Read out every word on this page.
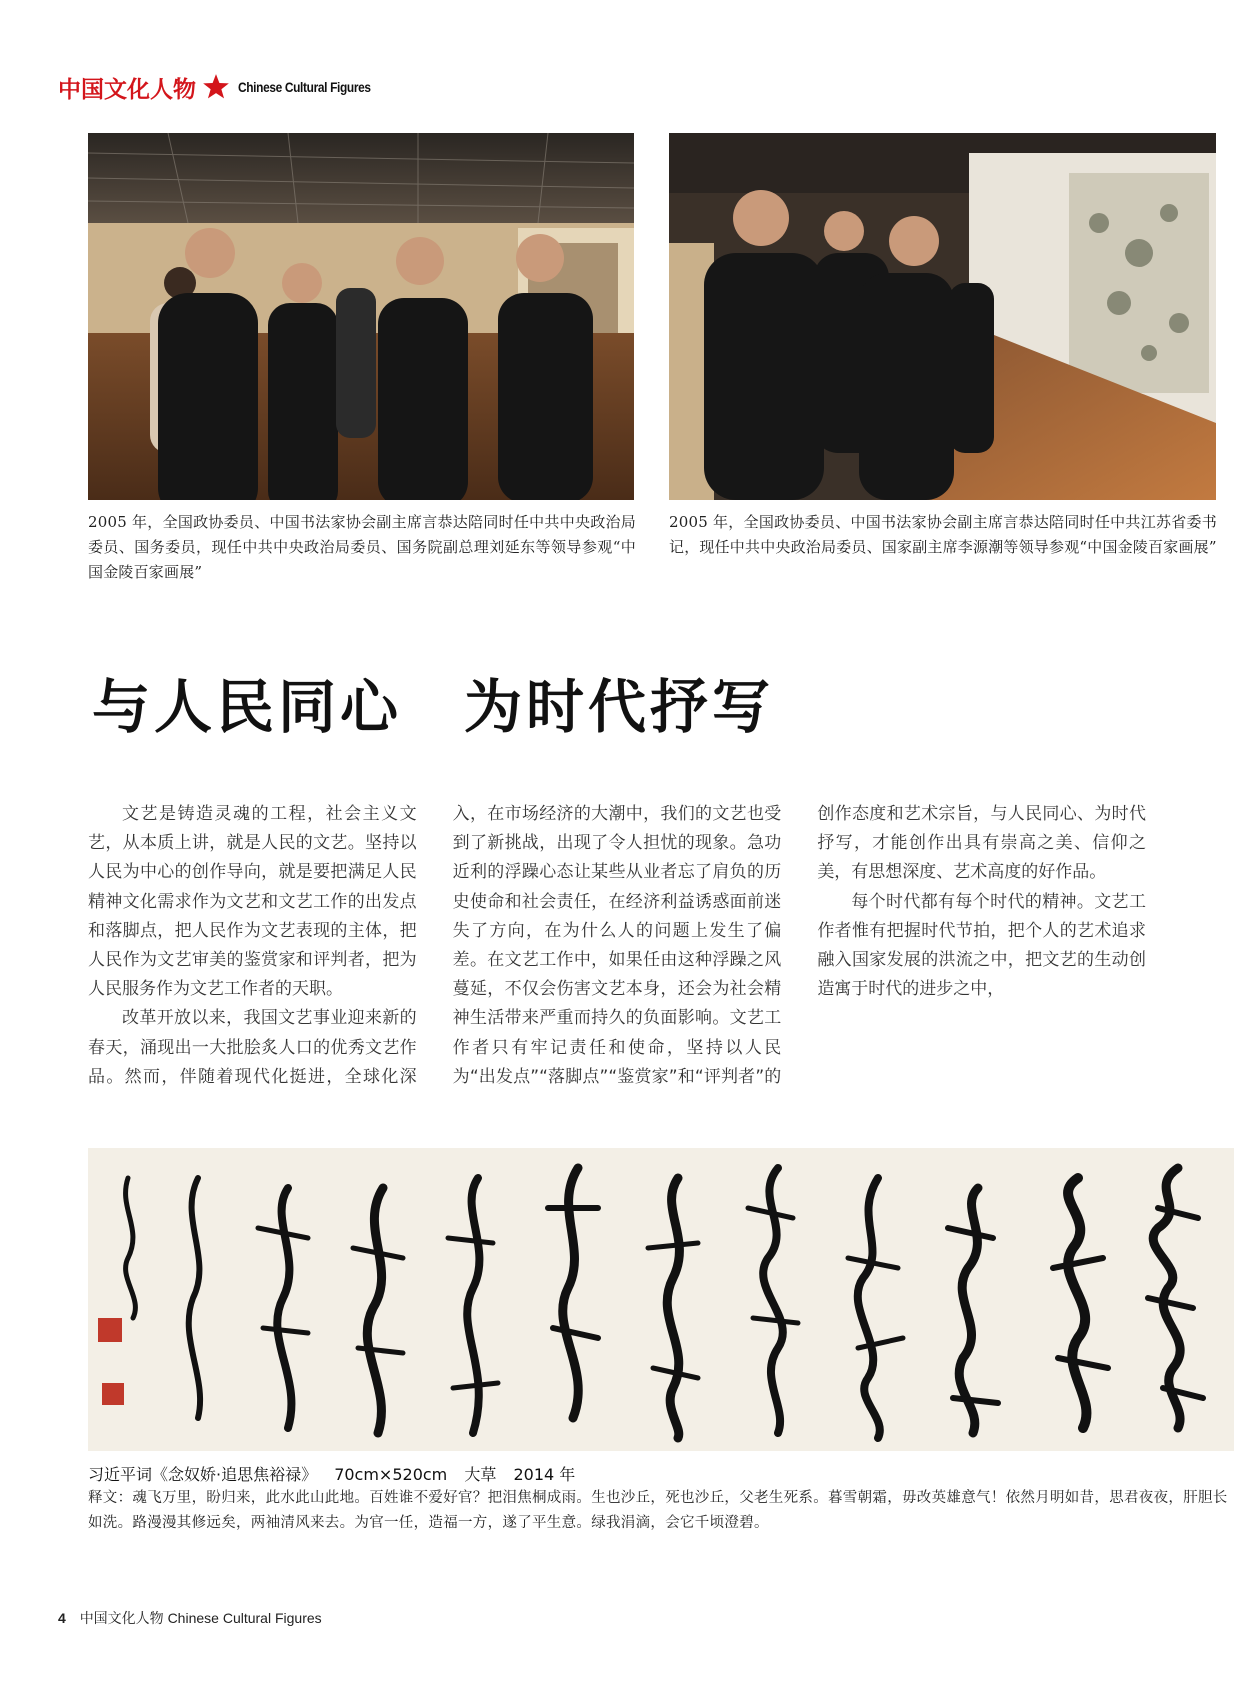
中国文化人物	Chinese Cultural Figures
2005 年，全国政协委员、中国书法家协会副主席言恭达陪同时任中共中央政治局委员、国务委员，现任中共中央政治局委员、国务院副总理刘延东等领导参观“中国金陵百家画展”
2005 年，全国政协委员、中国书法家协会副主席言恭达陪同时任中共江苏省委书记，现任中共中央政治局委员、国家副主席李源潮等领导参观“中国金陵百家画展”
与人民同心　为时代抒写

文艺是铸造灵魂的工程，社会主义文艺，从本质上讲，就是人民的文艺。坚持以人民为中心的创作导向，就是要把满足人民精神文化需求作为文艺和文艺工作的出发点和落脚点，把人民作为文艺表现的主体，把人民作为文艺审美的鉴赏家和评判者，把为人民服务作为文艺工作者的天职。

改革开放以来，我国文艺事业迎来新的春天，涌现出一大批脍炙人口的优秀文艺作品。然而，伴随着现代化挺进，全球化深入，在市场经济的大潮中，我们的文艺也受到了新挑战，出现了令人担忧的现象。急功近利的浮躁心态让某些从业者忘了肩负的历史使命和社会责任，在经济利益诱惑面前迷失了方向，在为什么人的问题上发生了偏差。在文艺工作中，如果任由这种浮躁之风蔓延，不仅会伤害文艺本身，还会为社会精神生活带来严重而持久的负面影响。文艺工作者只有牢记责任和使命，坚持以人民为“出发点”“落脚点”“鉴赏家”和“评判者”的创作态度和艺术宗旨，与人民同心、为时代抒写，才能创作出具有崇高之美、信仰之美，有思想深度、艺术高度的好作品。

每个时代都有每个时代的精神。文艺工作者惟有把握时代节拍，把个人的艺术追求融入国家发展的洪流之中，把文艺的生动创造寓于时代的进步之中，

习近平词《念奴娇·追思焦裕禄》 70cm×520cm 大草 2014 年
释文：魂飞万里，盼归来，此水此山此地。百姓谁不爱好官？把泪焦桐成雨。生也沙丘，死也沙丘，父老生死系。暮雪朝霜，毋改英雄意气！依然月明如昔，思君夜夜，肝胆长如洗。路漫漫其修远矣，两袖清风来去。为官一任，造福一方，遂了平生意。绿我涓滴，会它千顷澄碧。
4 中国文化人物 Chinese Cultural Figures
